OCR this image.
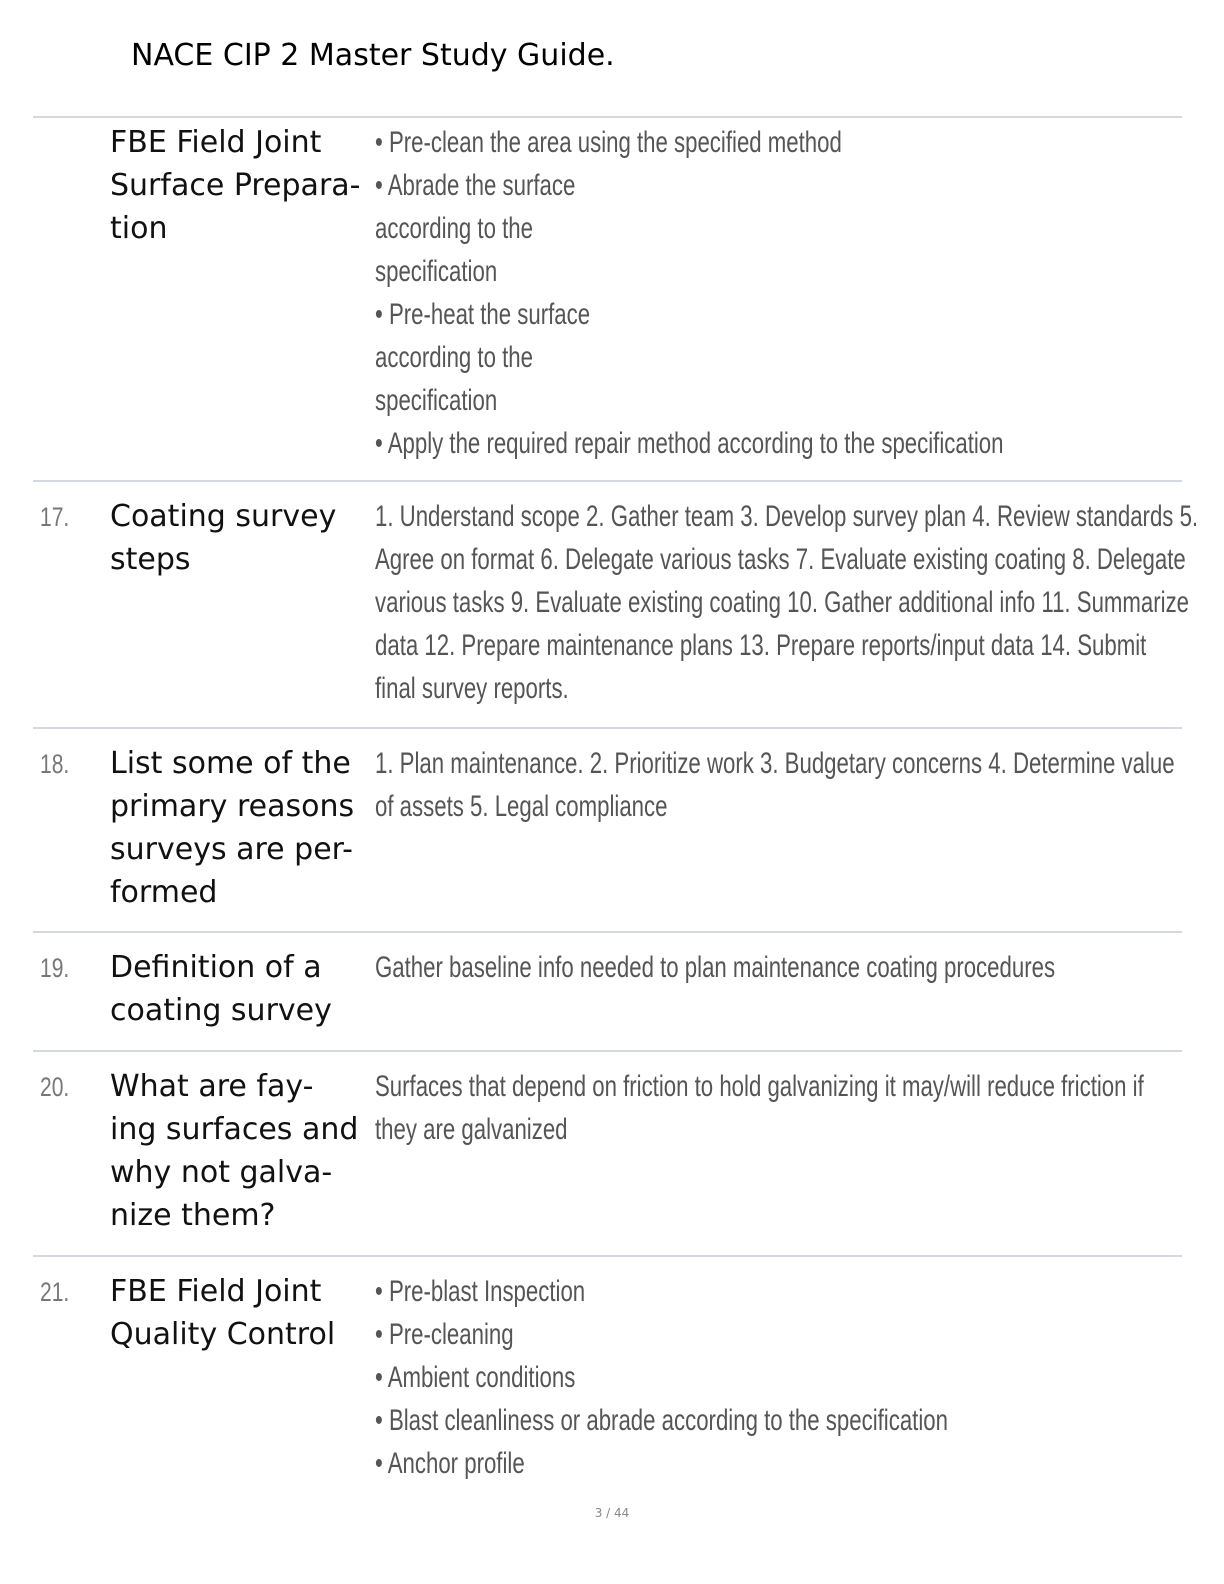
NACE CIP 2 Master Study Guide.
FBE Field Joint
Surface Prepara-
tion
• Pre-clean the area using the specified method
• Abrade the surface
according to the
specification
• Pre-heat the surface
according to the
specification
• Apply the required repair method according to the specification
17. Coating survey
steps
1. Understand scope 2. Gather team 3. Develop survey plan 4. Review standards 5.
Agree on format 6. Delegate various tasks 7. Evaluate existing coating 8. Delegate
various tasks 9. Evaluate existing coating 10. Gather additional info 11. Summarize
data 12. Prepare maintenance plans 13. Prepare reports/input data 14. Submit
final survey reports.
18. List some of the
primary reasons
surveys are per-
formed
1. Plan maintenance. 2. Prioritize work 3. Budgetary concerns 4. Determine value
of assets 5. Legal compliance
19. Definition of a
coating survey
Gather baseline info needed to plan maintenance coating procedures
20. What are fay-
ing surfaces and
why not galva-
nize them?
Surfaces that depend on friction to hold galvanizing it may/will reduce friction if
they are galvanized
21. FBE Field Joint
Quality Control
• Pre-blast Inspection
• Pre-cleaning
• Ambient conditions
• Blast cleanliness or abrade according to the specification
• Anchor profile
3 / 44
